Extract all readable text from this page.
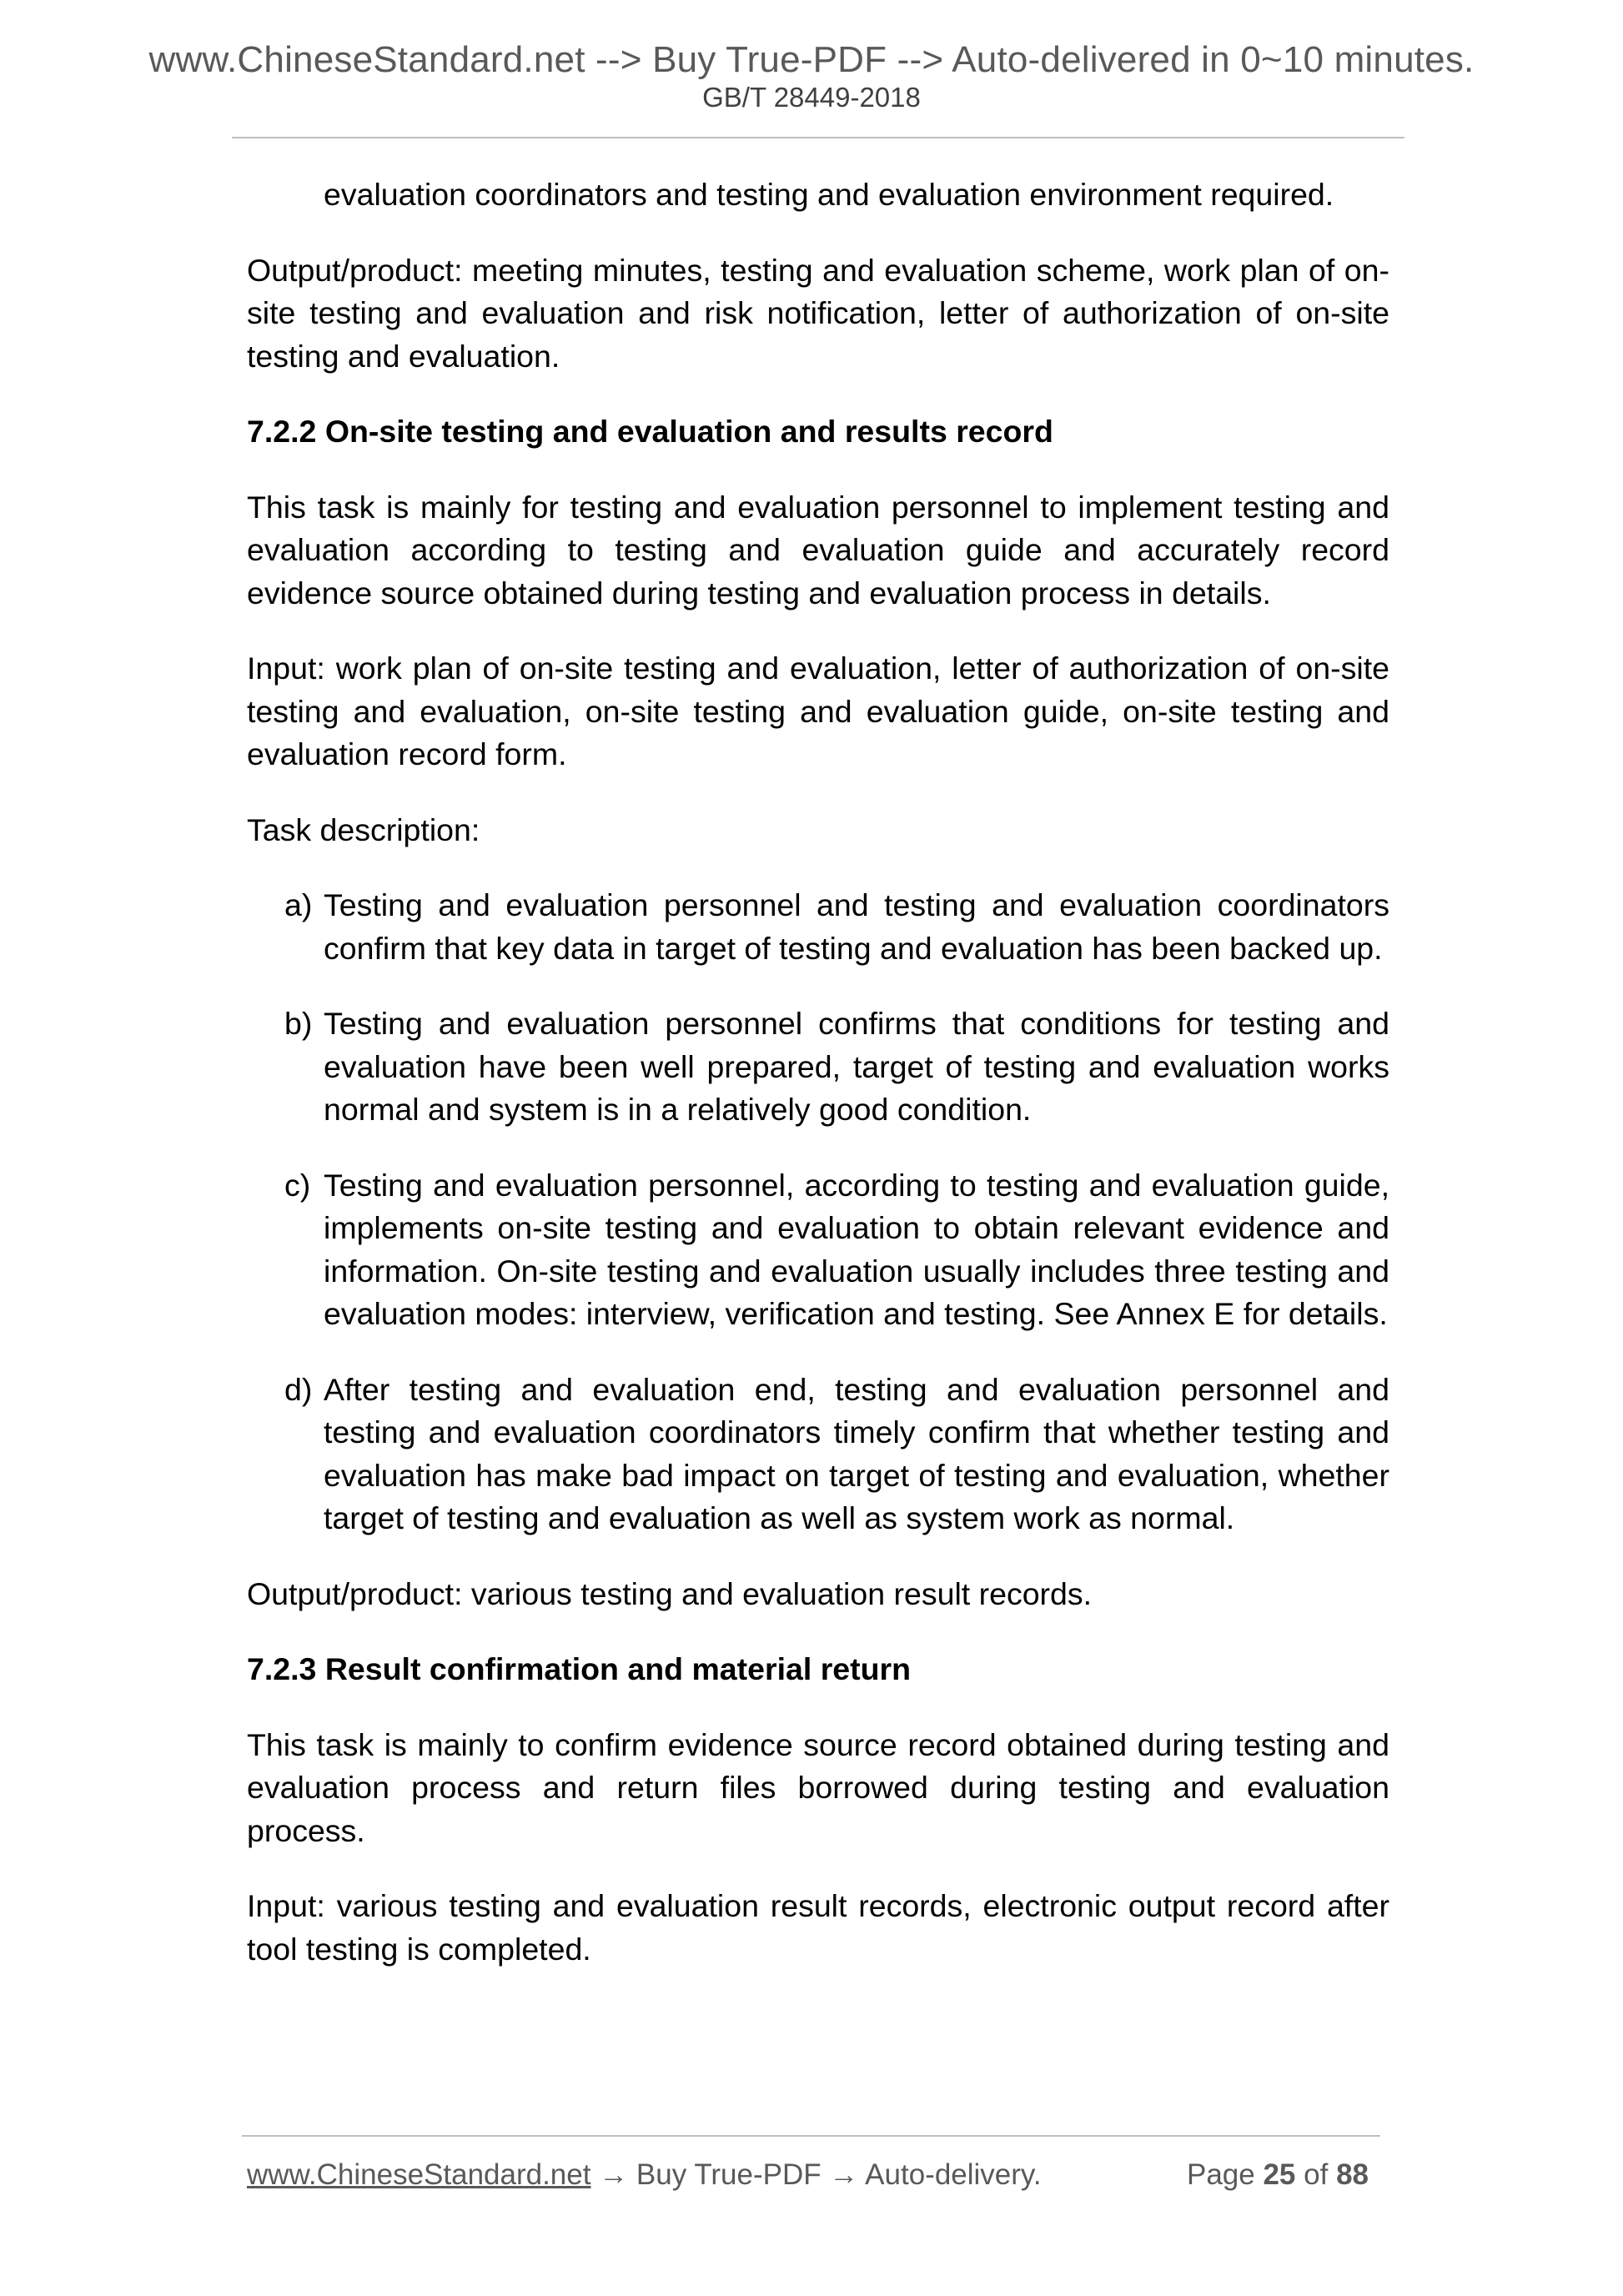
www.ChineseStandard.net --> Buy True-PDF --> Auto-delivered in 0~10 minutes.
GB/T 28449-2018

evaluation coordinators and testing and evaluation environment required.

Output/product: meeting minutes, testing and evaluation scheme, work plan of on-site testing and evaluation and risk notification, letter of authorization of on-site testing and evaluation.

7.2.2 On-site testing and evaluation and results record

This task is mainly for testing and evaluation personnel to implement testing and evaluation according to testing and evaluation guide and accurately record evidence source obtained during testing and evaluation process in details.

Input: work plan of on-site testing and evaluation, letter of authorization of on-site testing and evaluation, on-site testing and evaluation guide, on-site testing and evaluation record form.

Task description:

a) Testing and evaluation personnel and testing and evaluation coordinators confirm that key data in target of testing and evaluation has been backed up.
b) Testing and evaluation personnel confirms that conditions for testing and evaluation have been well prepared, target of testing and evaluation works normal and system is in a relatively good condition.
c) Testing and evaluation personnel, according to testing and evaluation guide, implements on-site testing and evaluation to obtain relevant evidence and information. On-site testing and evaluation usually includes three testing and evaluation modes: interview, verification and testing. See Annex E for details.
d) After testing and evaluation end, testing and evaluation personnel and testing and evaluation coordinators timely confirm that whether testing and evaluation has make bad impact on target of testing and evaluation, whether target of testing and evaluation as well as system work as normal.

Output/product: various testing and evaluation result records.

7.2.3 Result confirmation and material return

This task is mainly to confirm evidence source record obtained during testing and evaluation process and return files borrowed during testing and evaluation process.

Input: various testing and evaluation result records, electronic output record after tool testing is completed.

www.ChineseStandard.net → Buy True-PDF → Auto-delivery.	Page 25 of 88
